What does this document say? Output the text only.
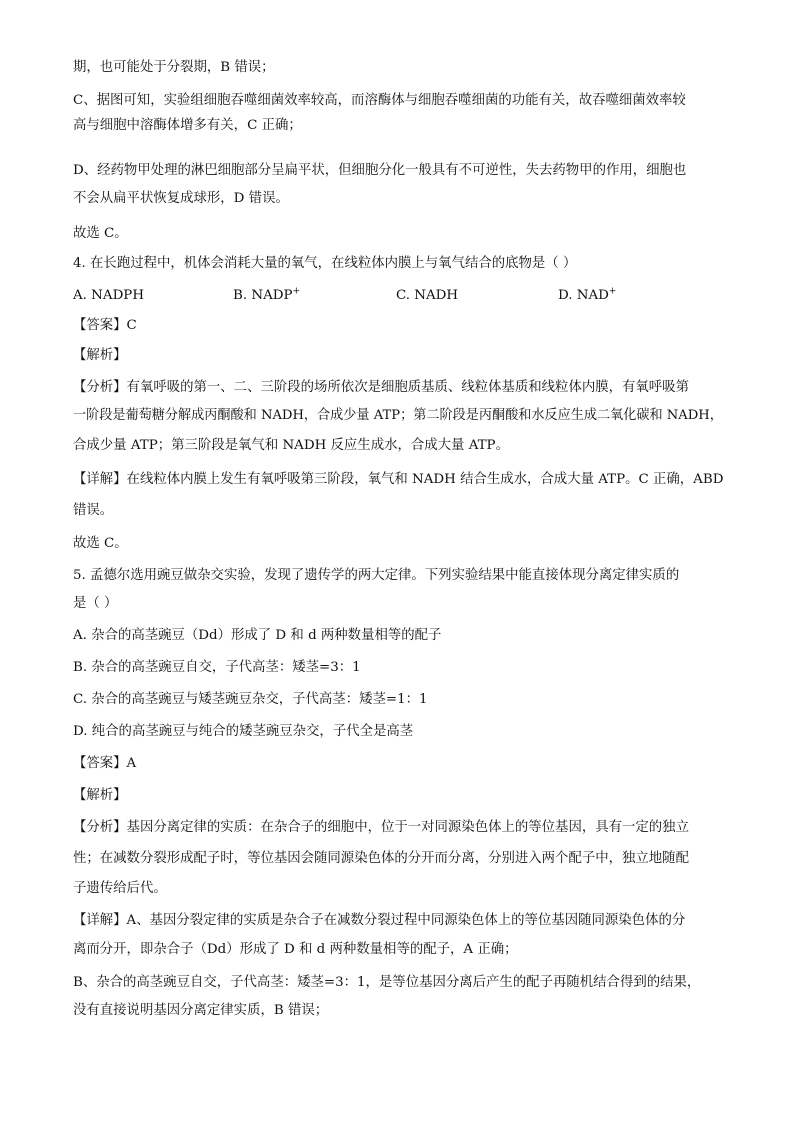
期，也可能处于分裂期，B 错误；
C、据图可知，实验组细胞吞噬细菌效率较高，而溶酶体与细胞吞噬细菌的功能有关，故吞噬细菌效率较
高与细胞中溶酶体增多有关，C 正确；
D、经药物甲处理的淋巴细胞部分呈扁平状，但细胞分化一般具有不可逆性，失去药物甲的作用，细胞也
不会从扁平状恢复成球形，D 错误。
故选 C。
4. 在长跑过程中，机体会消耗大量的氧气，在线粒体内膜上与氧气结合的底物是（ ）
A. NADPH	B. NADP+	C. NADH	D. NAD+
【答案】C
【解析】
【分析】有氧呼吸的第一、二、三阶段的场所依次是细胞质基质、线粒体基质和线粒体内膜，有氧呼吸第
一阶段是葡萄糖分解成丙酮酸和 NADH，合成少量 ATP；第二阶段是丙酮酸和水反应生成二氧化碳和 NADH，
合成少量 ATP；第三阶段是氧气和 NADH 反应生成水，合成大量 ATP。
【详解】在线粒体内膜上发生有氧呼吸第三阶段，氧气和 NADH 结合生成水，合成大量 ATP。C 正确，ABD
错误。
故选 C。
5. 孟德尔选用豌豆做杂交实验，发现了遗传学的两大定律。下列实验结果中能直接体现分离定律实质的
是（ ）
A. 杂合的高茎豌豆（Dd）形成了 D 和 d 两种数量相等的配子
B. 杂合的高茎豌豆自交，子代高茎：矮茎=3：1
C. 杂合的高茎豌豆与矮茎豌豆杂交，子代高茎：矮茎=1：1
D. 纯合的高茎豌豆与纯合的矮茎豌豆杂交，子代全是高茎
【答案】A
【解析】
【分析】基因分离定律的实质：在杂合子的细胞中，位于一对同源染色体上的等位基因，具有一定的独立
性；在减数分裂形成配子时，等位基因会随同源染色体的分开而分离，分别进入两个配子中，独立地随配
子遗传给后代。
【详解】A、基因分裂定律的实质是杂合子在减数分裂过程中同源染色体上的等位基因随同源染色体的分
离而分开，即杂合子（Dd）形成了 D 和 d 两种数量相等的配子，A 正确；
B、杂合的高茎豌豆自交，子代高茎：矮茎=3：1，是等位基因分离后产生的配子再随机结合得到的结果，
没有直接说明基因分离定律实质，B 错误；
